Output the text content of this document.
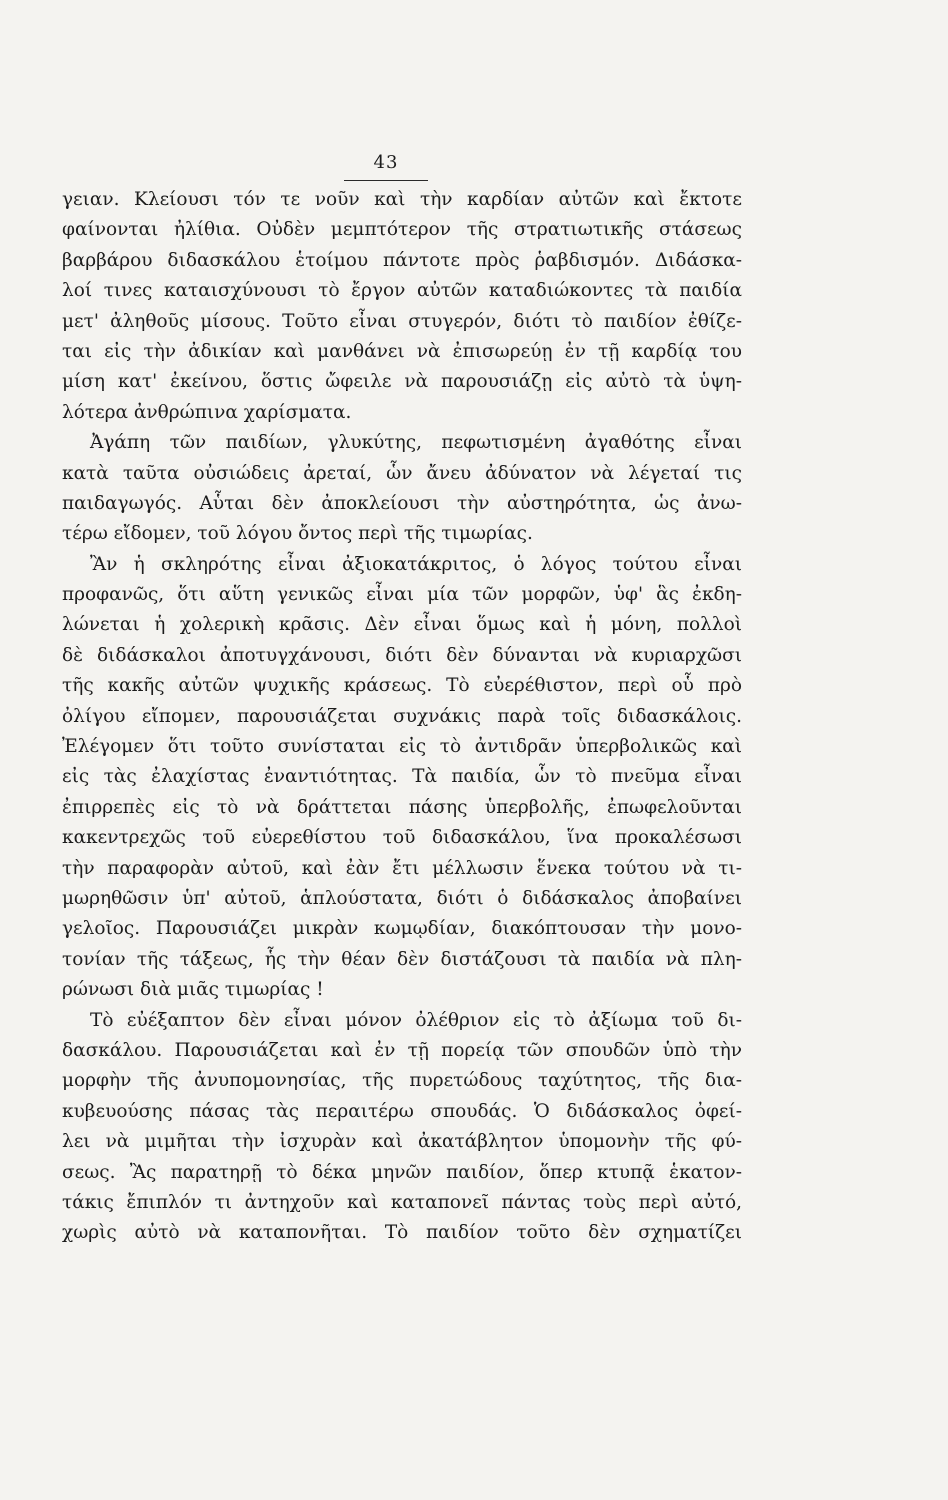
43
γειαν. Κλείουσι τόν τε νοῦν καὶ τὴν καρδίαν αὐτῶν καὶ ἔκτοτε
φαίνονται ἠλίθια. Οὐδὲν μεμπτότερον τῆς στρατιωτικῆς στάσεως
βαρβάρου διδασκάλου ἑτοίμου πάντοτε πρὸς ῥαβδισμόν. Διδάσκα-
λοί τινες καταισχύνουσι τὸ ἔργον αὐτῶν καταδιώκοντες τὰ παιδία
μετ' ἀληθοῦς μίσους. Τοῦτο εἶναι στυγερόν, διότι τὸ παιδίον ἐθίζε-
ται εἰς τὴν ἀδικίαν καὶ μανθάνει νὰ ἐπισωρεύῃ ἐν τῇ καρδίᾳ του
μίση κατ' ἐκείνου, ὅστις ὤφειλε νὰ παρουσιάζῃ εἰς αὐτὸ τὰ ὑψη-
λότερα ἀνθρώπινα χαρίσματα.
Ἀγάπη τῶν παιδίων, γλυκύτης, πεφωτισμένη ἀγαθότης εἶναι
κατὰ ταῦτα οὐσιώδεις ἀρεταί, ὧν ἄνευ ἀδύνατον νὰ λέγεταί τις
παιδαγωγός. Αὗται δὲν ἀποκλείουσι τὴν αὐστηρότητα, ὡς ἀνω-
τέρω εἴδομεν, τοῦ λόγου ὄντος περὶ τῆς τιμωρίας.
Ἂν ἡ σκληρότης εἶναι ἀξιοκατάκριτος, ὁ λόγος τούτου εἶναι
προφανῶς, ὅτι αὕτη γενικῶς εἶναι μία τῶν μορφῶν, ὑφ' ἃς ἐκδη-
λώνεται ἡ χολερικὴ κρᾶσις. Δὲν εἶναι ὅμως καὶ ἡ μόνη, πολλοὶ
δὲ διδάσκαλοι ἀποτυγχάνουσι, διότι δὲν δύνανται νὰ κυριαρχῶσι
τῆς κακῆς αὐτῶν ψυχικῆς κράσεως. Τὸ εὐερέθιστον, περὶ οὗ πρὸ
ὀλίγου εἴπομεν, παρουσιάζεται συχνάκις παρὰ τοῖς διδασκάλοις.
Ἐλέγομεν ὅτι τοῦτο συνίσταται εἰς τὸ ἀντιδρᾶν ὑπερβολικῶς καὶ
εἰς τὰς ἐλαχίστας ἐναντιότητας. Τὰ παιδία, ὧν τὸ πνεῦμα εἶναι
ἐπιρρεπὲς εἰς τὸ νὰ δράττεται πάσης ὑπερβολῆς, ἐπωφελοῦνται
κακεντρεχῶς τοῦ εὐερεθίστου τοῦ διδασκάλου, ἵνα προκαλέσωσι
τὴν παραφορὰν αὐτοῦ, καὶ ἐὰν ἔτι μέλλωσιν ἕνεκα τούτου νὰ τι-
μωρηθῶσιν ὑπ' αὐτοῦ, ἁπλούστατα, διότι ὁ διδάσκαλος ἀποβαίνει
γελοῖος. Παρουσιάζει μικρὰν κωμῳδίαν, διακόπτουσαν τὴν μονο-
τονίαν τῆς τάξεως, ἧς τὴν θέαν δὲν διστάζουσι τὰ παιδία νὰ πλη-
ρώνωσι διὰ μιᾶς τιμωρίας !
Τὸ εὐέξαπτον δὲν εἶναι μόνον ὀλέθριον εἰς τὸ ἀξίωμα τοῦ δι-
δασκάλου. Παρουσιάζεται καὶ ἐν τῇ πορείᾳ τῶν σπουδῶν ὑπὸ τὴν
μορφὴν τῆς ἀνυπομονησίας, τῆς πυρετώδους ταχύτητος, τῆς δια-
κυβευούσης πάσας τὰς περαιτέρω σπουδάς. Ὁ διδάσκαλος ὀφεί-
λει νὰ μιμῆται τὴν ἰσχυρὰν καὶ ἀκατάβλητον ὑπομονὴν τῆς φύ-
σεως. Ἂς παρατηρῇ τὸ δέκα μηνῶν παιδίον, ὅπερ κτυπᾷ ἑκατον-
τάκις ἔπιπλόν τι ἀντηχοῦν καὶ καταπονεῖ πάντας τοὺς περὶ αὐτό,
χωρὶς αὐτὸ νὰ καταπονῆται. Τὸ παιδίον τοῦτο δὲν σχηματίζει
